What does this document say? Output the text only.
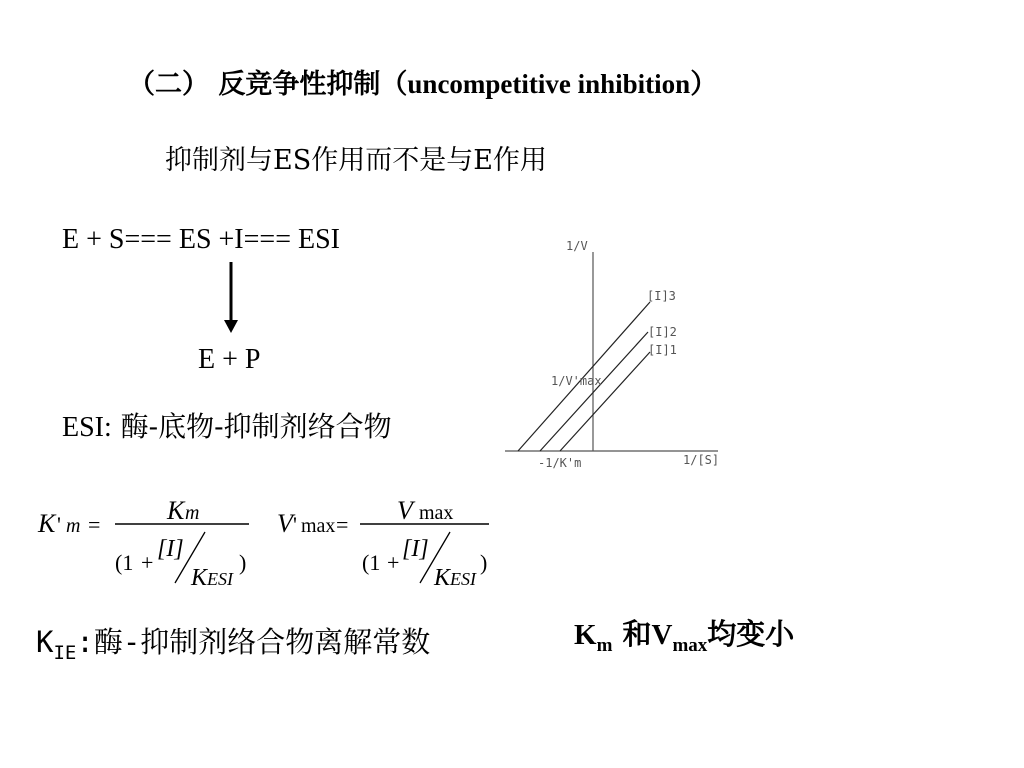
（二） 反竞争性抑制（uncompetitive inhibition）
抑制剂与ES作用而不是与E作用
E + S=== ES +I=== ESI
E + P
ESI: 酶-底物-抑制剂络合物
1/V
1/[S]
1/V'max
-1/K'm
[I]3
[I]2
[I]1
K ' m =	K m
(1 +
[I]
K ESI
)
V ' max = V max
(1 +
[I]
K ESI
)
$K_{IE}$:酶-抑制剂络合物离解常数	$K_m$ 和$V_{max}$均变小
